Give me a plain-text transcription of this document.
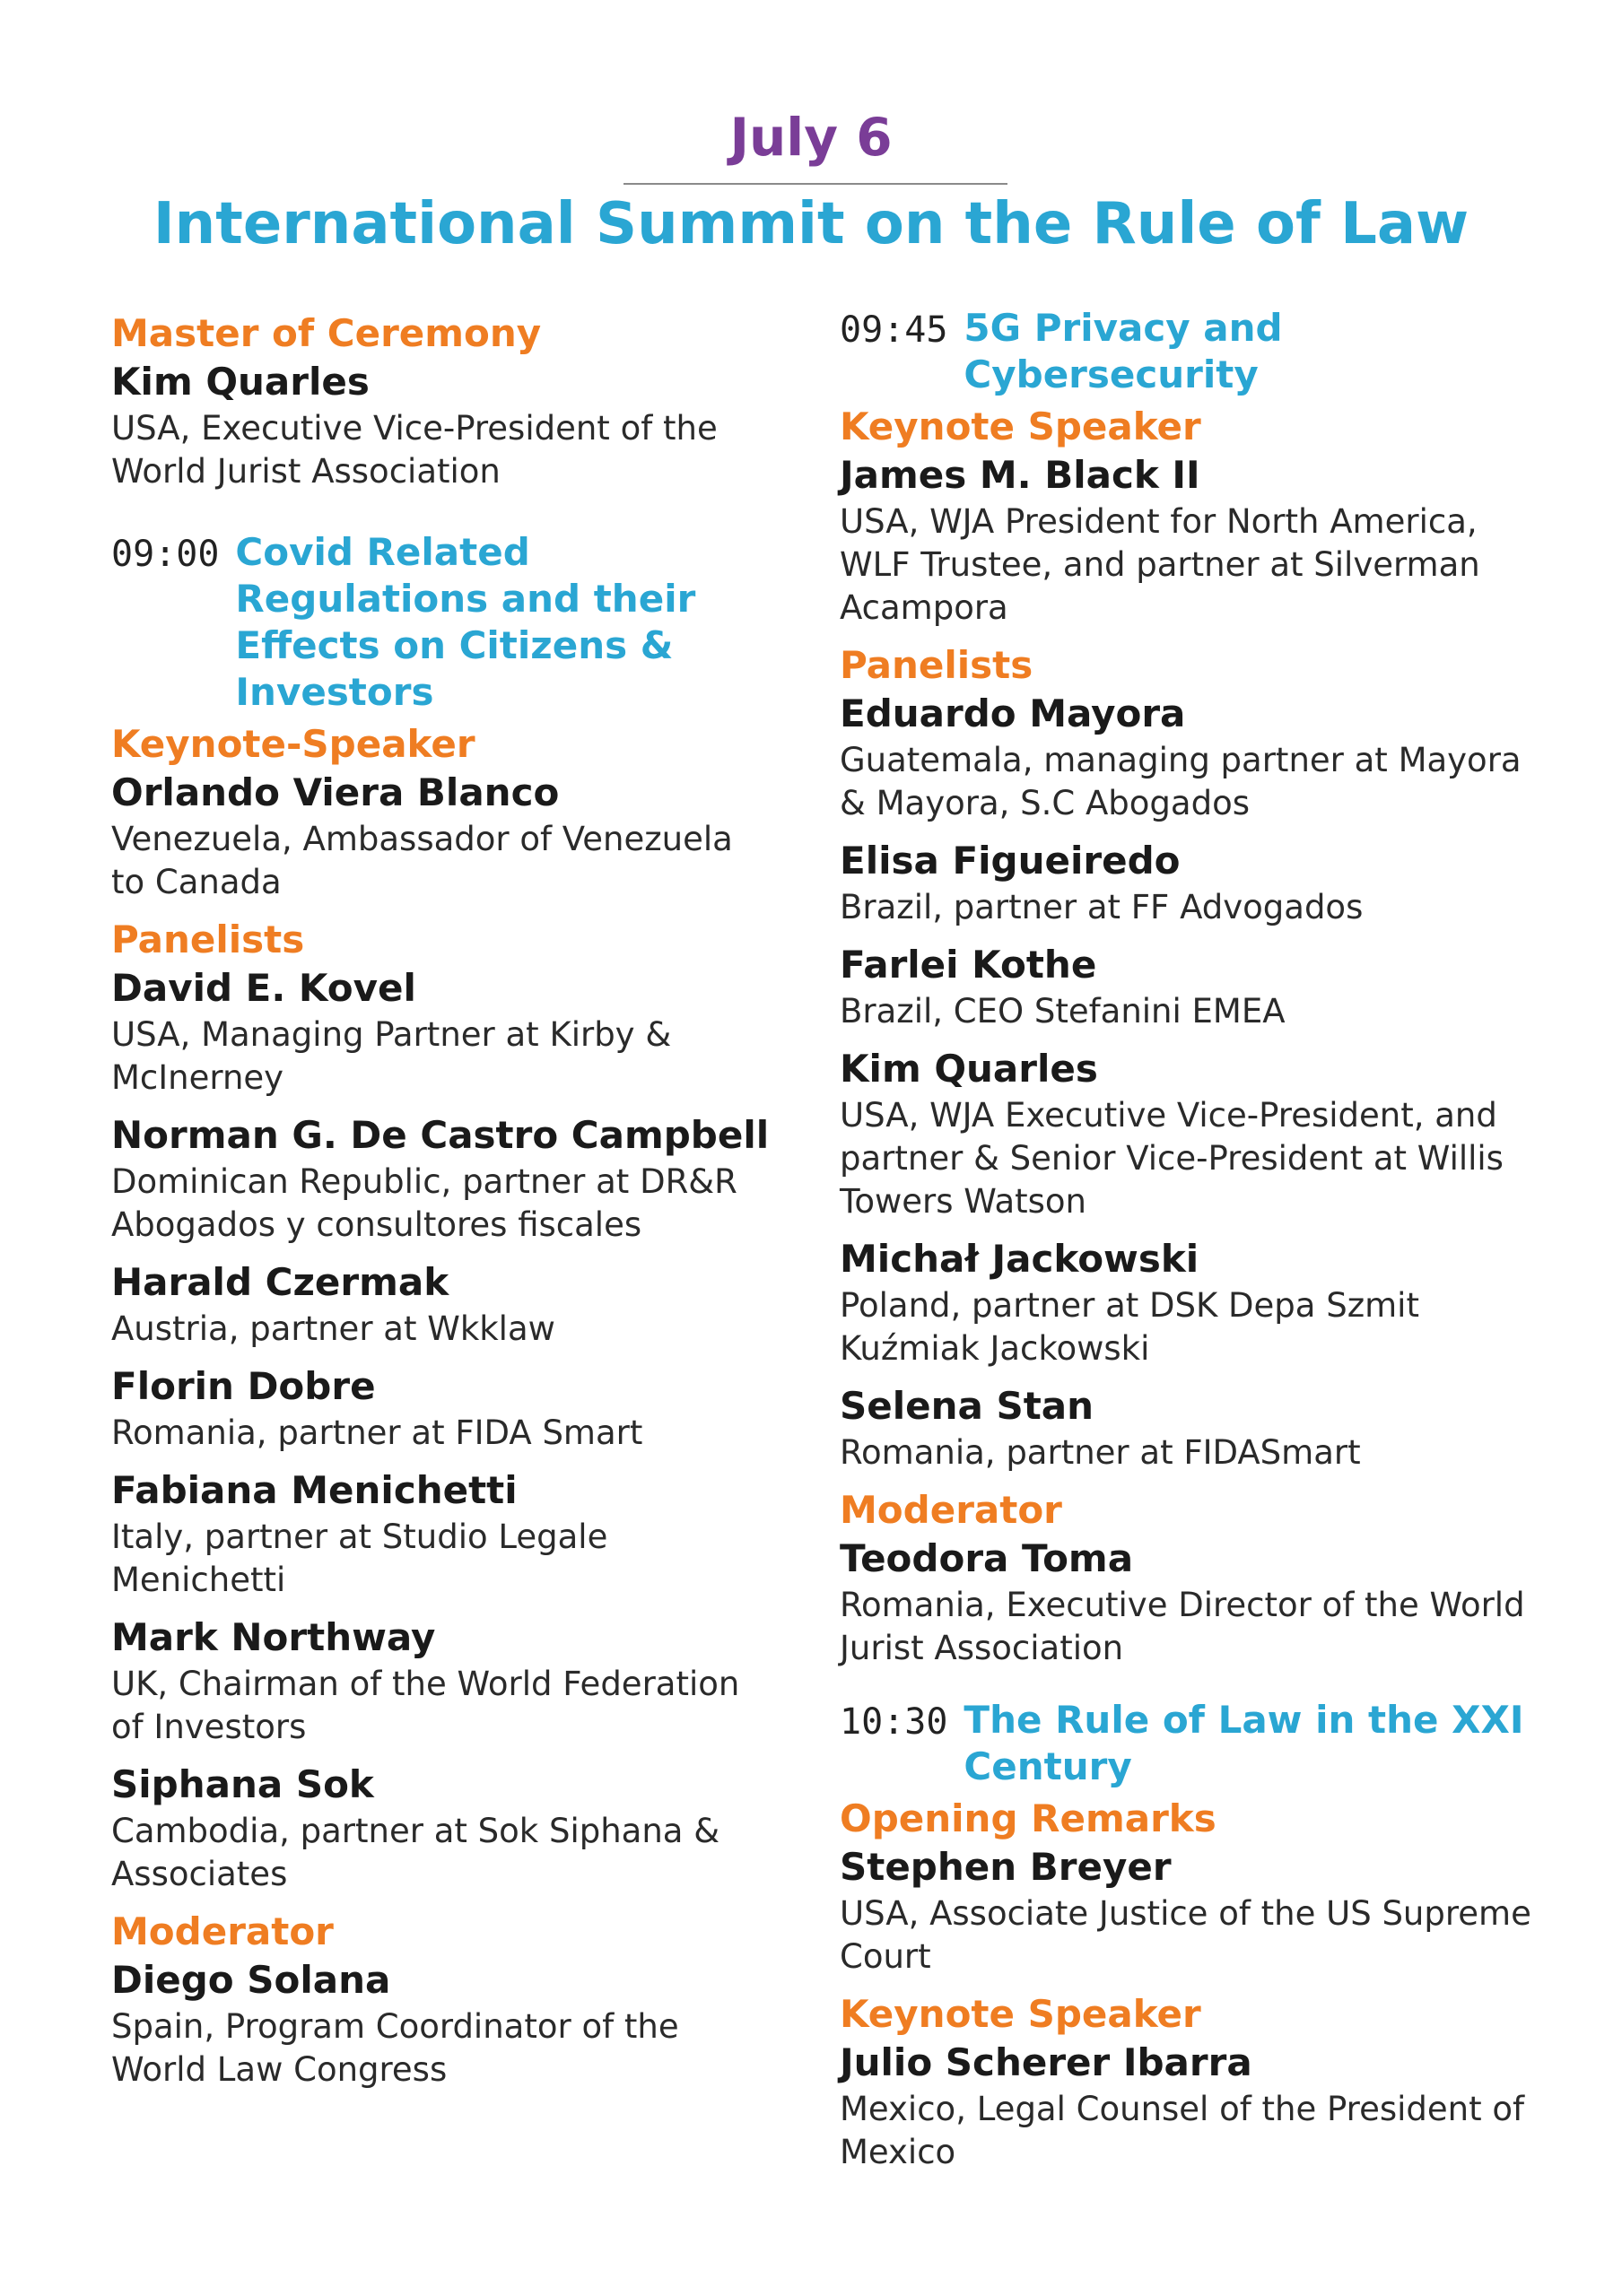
July 6
International Summit on the Rule of Law
Master of Ceremony
Kim Quarles
USA, Executive Vice-President of the World Jurist Association
09:00 Covid Related Regulations and their Effects on Citizens & Investors
Keynote-Speaker
Orlando Viera Blanco
Venezuela, Ambassador of Venezuela to Canada
Panelists
David E. Kovel
USA, Managing Partner at Kirby & McInerney
Norman G. De Castro Campbell
Dominican Republic, partner at DR&R Abogados y consultores fiscales
Harald Czermak
Austria, partner at Wkklaw
Florin Dobre
Romania, partner at FIDA Smart
Fabiana Menichetti
Italy, partner at Studio Legale Menichetti
Mark Northway
UK, Chairman of the World Federation of Investors
Siphana Sok
Cambodia, partner at Sok Siphana & Associates
Moderator
Diego Solana
Spain, Program Coordinator of the World Law Congress
09:45 5G Privacy and Cybersecurity
Keynote Speaker
James M. Black II
USA, WJA President for North America, WLF Trustee, and partner at Silverman Acampora
Panelists
Eduardo Mayora
Guatemala, managing partner at Mayora & Mayora, S.C Abogados
Elisa Figueiredo
Brazil, partner at FF Advogados
Farlei Kothe
Brazil, CEO Stefanini EMEA
Kim Quarles
USA, WJA Executive Vice-President, and partner & Senior Vice-President at Willis Towers Watson
Michał Jackowski
Poland, partner at DSK Depa Szmit Kuźmiak Jackowski
Selena Stan
Romania, partner at FIDASmart
Moderator
Teodora Toma
Romania, Executive Director of the World Jurist Association
10:30 The Rule of Law in the XXI Century
Opening Remarks
Stephen Breyer
USA, Associate Justice of the US Supreme Court
Keynote Speaker
Julio Scherer Ibarra
Mexico, Legal Counsel of the President of Mexico
